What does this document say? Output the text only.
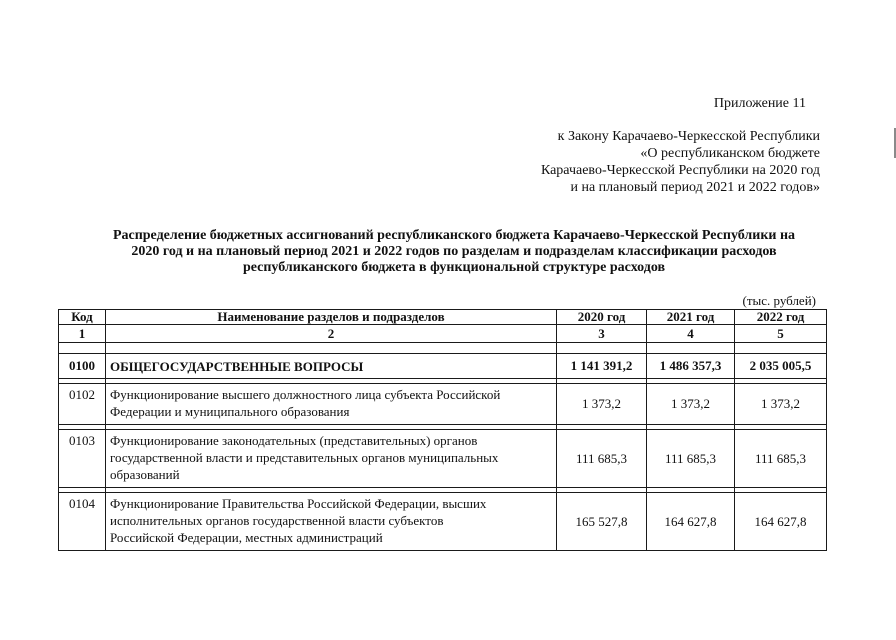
Приложение 11
к Закону Карачаево-Черкесской Республики
«О республиканском бюджете
Карачаево-Черкесской Республики на 2020 год
и на плановый период 2021 и 2022 годов»
Распределение бюджетных ассигнований республиканского бюджета Карачаево-Черкесской Республики на
2020 год и на плановый период 2021 и 2022 годов по разделам и подразделам классификации расходов
республиканского бюджета в функциональной структуре расходов
(тыс. рублей)
Код	Наименование разделов и подразделов	2020 год	2021 год	2022 год
1	2	3	4	5

0100	ОБЩЕГОСУДАРСТВЕННЫЕ ВОПРОСЫ	1 141 391,2	1 486 357,3	2 035 005,5

0102	Функционирование высшего должностного лица субъекта Российской
Федерации и муниципального образования	1 373,2	1 373,2	1 373,2

0103	Функционирование законодательных (представительных) органов
государственной власти и представительных органов муниципальных
образований	111 685,3	111 685,3	111 685,3

0104	Функционирование Правительства Российской Федерации, высших
исполнительных органов государственной власти субъектов
Российской Федерации, местных администраций	165 527,8	164 627,8	164 627,8
